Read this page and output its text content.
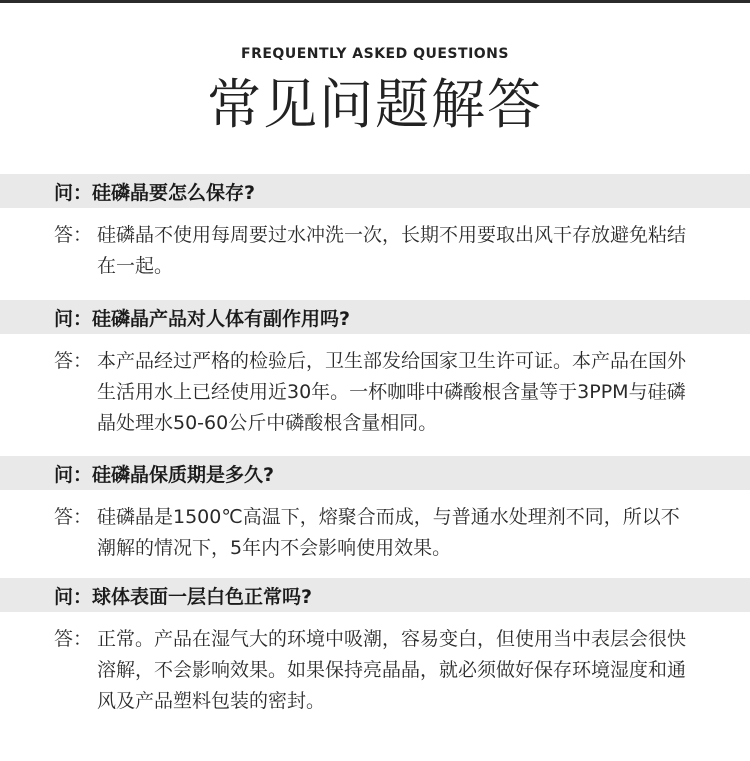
FREQUENTLY ASKED QUESTIONS
常见问题解答
问： 硅磷晶要怎么保存?
答： 硅磷晶不使用每周要过水冲洗一次，长期不用要取出风干存放避免粘结在一起。
问： 硅磷晶产品对人体有副作用吗?
答： 本产品经过严格的检验后，卫生部发给国家卫生许可证。本产品在国外生活用水上已经使用近30年。一杯咖啡中磷酸根含量等于3PPM与硅磷晶处理水50-60公斤中磷酸根含量相同。
问： 硅磷晶保质期是多久?
答： 硅磷晶是1500℃高温下，熔聚合而成，与普通水处理剂不同，所以不潮解的情况下，5年内不会影响使用效果。
问： 球体表面一层白色正常吗?
答： 正常。产品在湿气大的环境中吸潮，容易变白，但使用当中表层会很快溶解，不会影响效果。如果保持亮晶晶，就必须做好保存环境湿度和通风及产品塑料包装的密封。
